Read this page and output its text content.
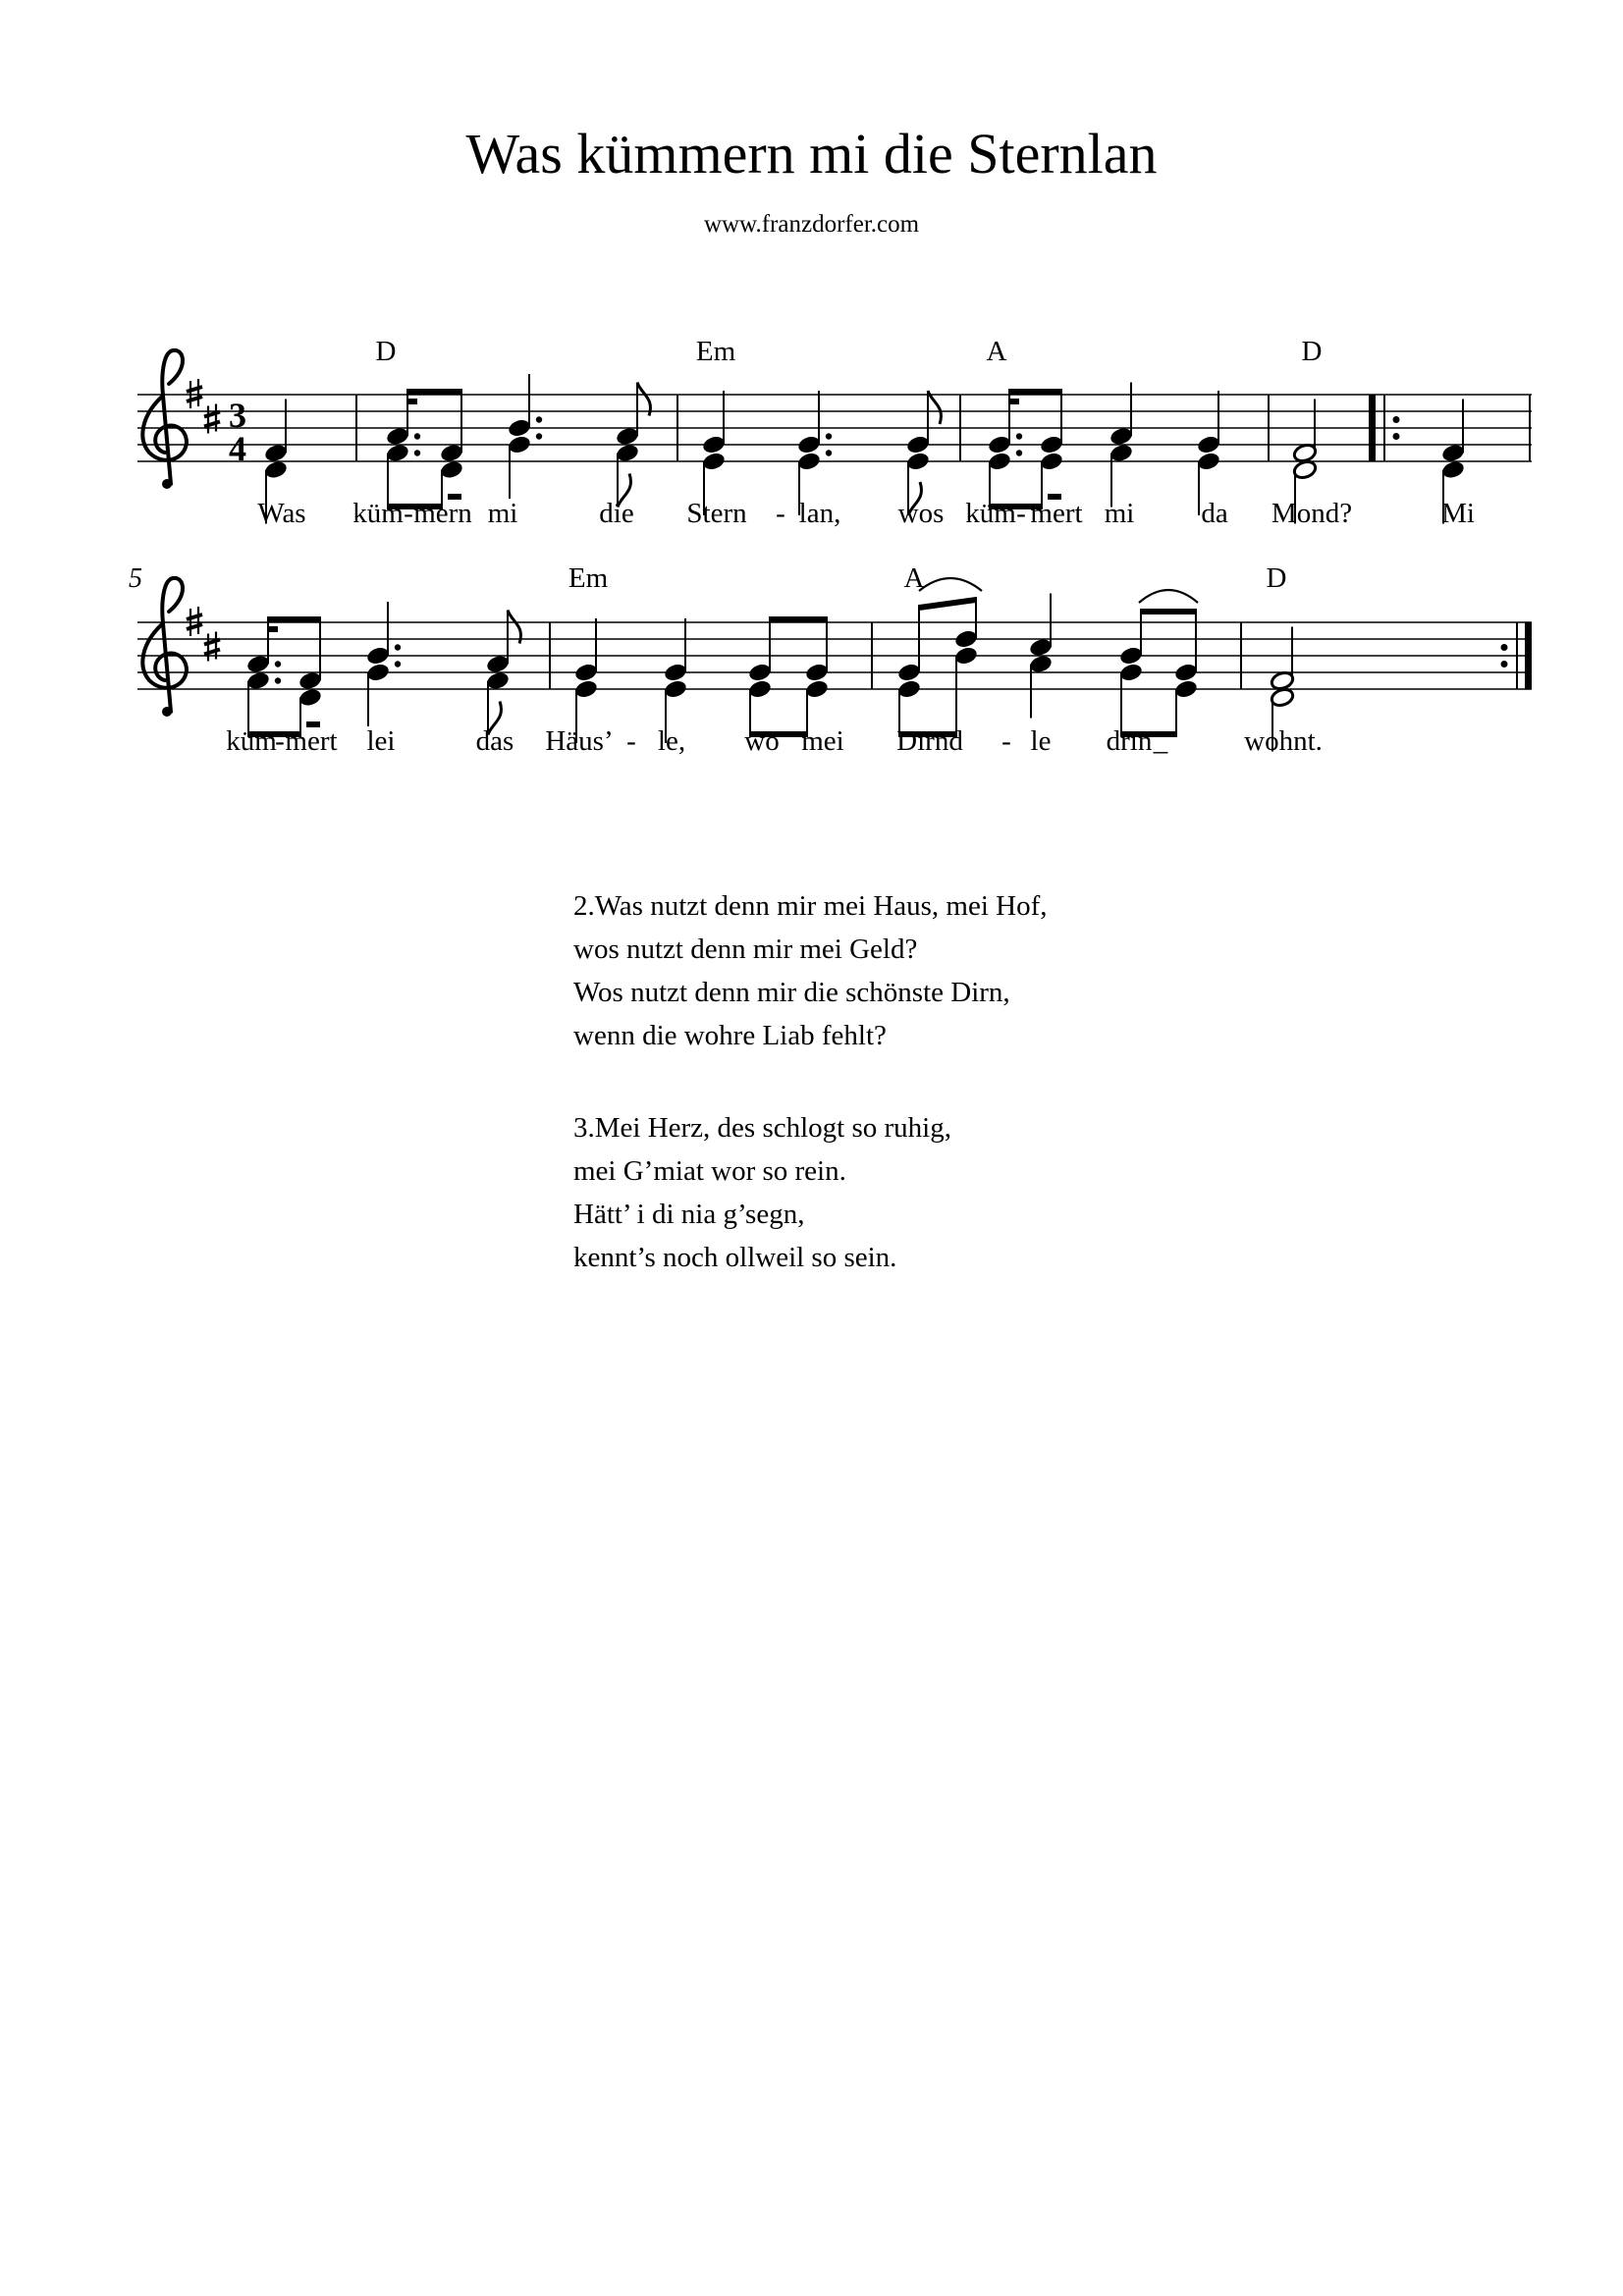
Was kümmern mi die Sternlan
www.franzdorfer.com
3
4
D	Em	A	D
Was küm - mern mi	die Stern - lan, wos küm - mert mi da Mond?	Mi
5	Em	A	D
küm
- mert lei	das Häus’ - le, wo mei Dirnd - le drin _	wohnt.
2.Was nutzt denn mir mei Haus, mei Hof,
wos nutzt denn mir mei Geld?
Wos nutzt denn mir die schönste Dirn,
wenn die wohre Liab fehlt?
3.Mei Herz, des schlogt so ruhig,
mei G’miat wor so rein.
Hätt’ i di nia g’segn,
kennt’s noch ollweil so sein.
